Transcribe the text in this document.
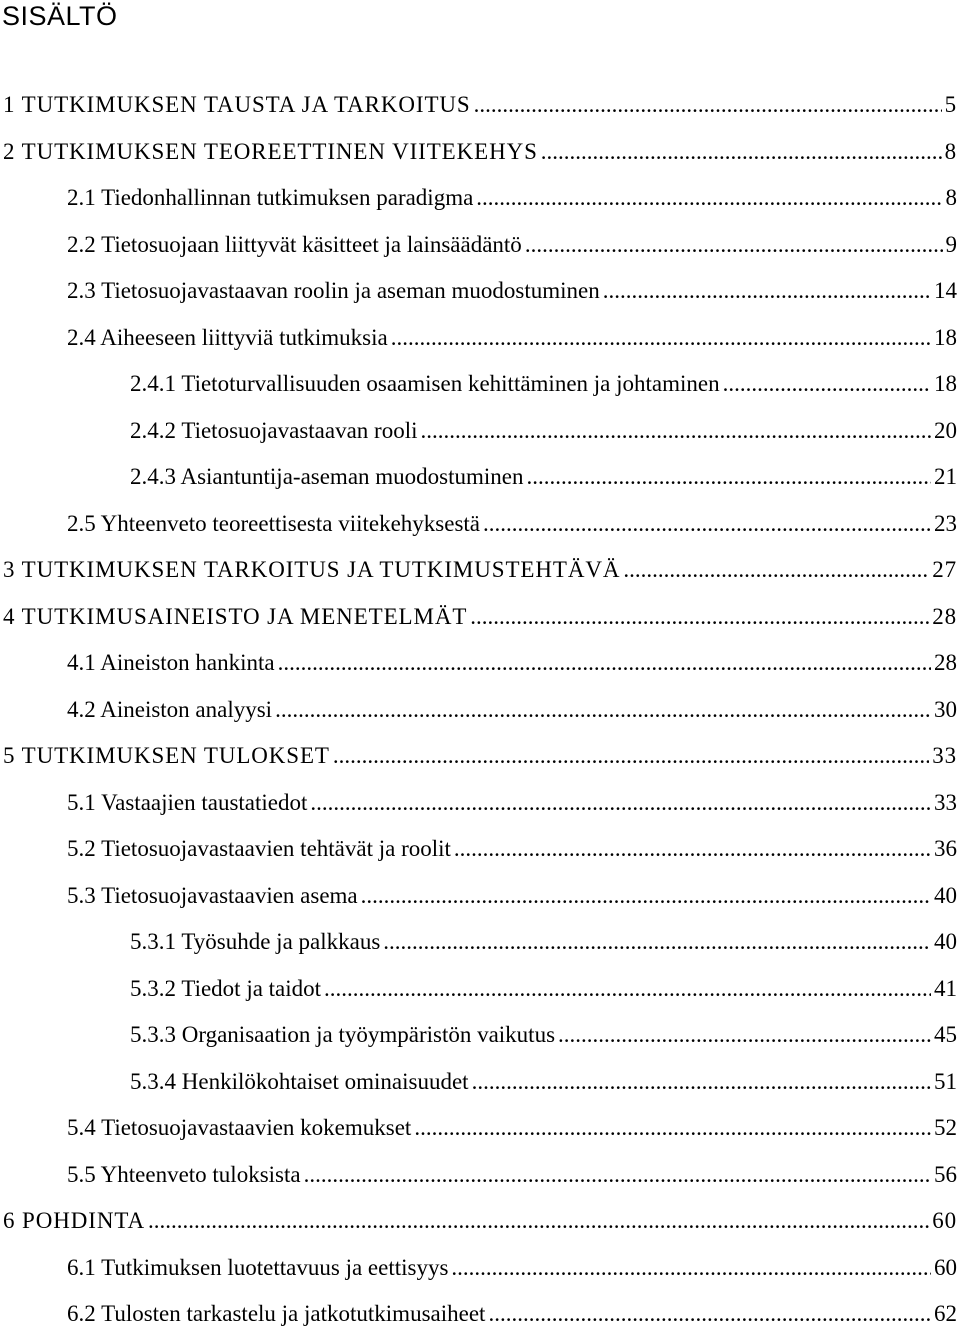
SISÄLTÖ
1 TUTKIMUKSEN TAUSTA JA TARKOITUS .....	5
2 TUTKIMUKSEN TEOREETTINEN VIITEKEHYS .....	8
2.1 Tiedonhallinnan tutkimuksen paradigma .....	8
2.2 Tietosuojaan liittyvät käsitteet ja lainsäädäntö .....	9
2.3 Tietosuojavastaavan roolin ja aseman muodostuminen .....	14
2.4 Aiheeseen liittyviä tutkimuksia .....	18
2.4.1 Tietoturvallisuuden osaamisen kehittäminen ja johtaminen .....	18
2.4.2 Tietosuojavastaavan rooli .....	20
2.4.3 Asiantuntija-aseman muodostuminen .....	21
2.5 Yhteenveto teoreettisesta viitekehyksestä .....	23
3 TUTKIMUKSEN TARKOITUS JA TUTKIMUSTEHTÄVÄ .....	27
4 TUTKIMUSAINEISTO JA MENETELMÄT .....	28
4.1 Aineiston hankinta .....	28
4.2 Aineiston analyysi .....	30
5 TUTKIMUKSEN TULOKSET .....	33
5.1 Vastaajien taustatiedot .....	33
5.2 Tietosuojavastaavien tehtävät ja roolit .....	36
5.3 Tietosuojavastaavien asema .....	40
5.3.1 Työsuhde ja palkkaus .....	40
5.3.2 Tiedot ja taidot .....	41
5.3.3 Organisaation ja työympäristön vaikutus .....	45
5.3.4 Henkilökohtaiset ominaisuudet .....	51
5.4 Tietosuojavastaavien kokemukset .....	52
5.5 Yhteenveto tuloksista .....	56
6 POHDINTA .....	60
6.1 Tutkimuksen luotettavuus ja eettisyys .....	60
6.2 Tulosten tarkastelu ja jatkotutkimusaiheet .....	62
